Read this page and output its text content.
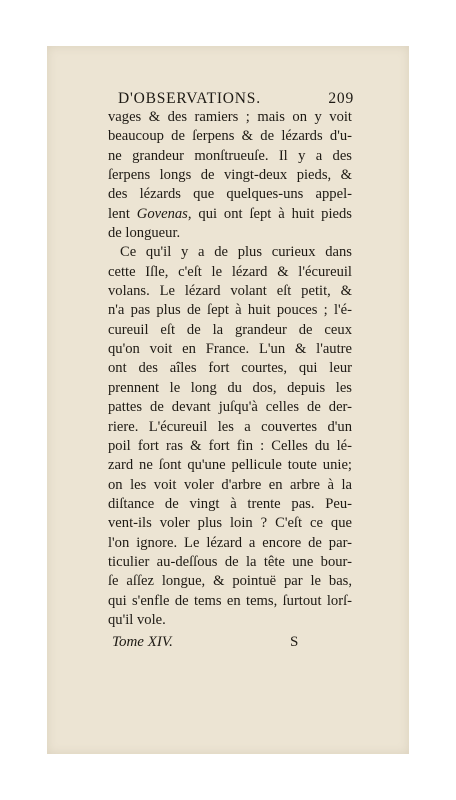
D'OBSERVATIONS.	209
vages & des ramiers ; mais on y voit
beaucoup de ſerpens & de lézards d'u-
ne grandeur monſtrueuſe. Il y a des
ſerpens longs de vingt-deux pieds, &
des lézards que quelques-uns appel-
lent Govenas, qui ont ſept à huit pieds
de longueur.
Ce qu'il y a de plus curieux dans
cette Iſle, c'eſt le lézard & l'écureuil
volans. Le lézard volant eſt petit, &
n'a pas plus de ſept à huit pouces ; l'é-
cureuil eſt de la grandeur de ceux
qu'on voit en France. L'un & l'autre
ont des aîles fort courtes, qui leur
prennent le long du dos, depuis les
pattes de devant juſqu'à celles de der-
riere. L'écureuil les a couvertes d'un
poil fort ras & fort fin : Celles du lé-
zard ne ſont qu'une pellicule toute unie;
on les voit voler d'arbre en arbre à la
diſtance de vingt à trente pas. Peu-
vent-ils voler plus loin ? C'eſt ce que
l'on ignore. Le lézard a encore de par-
ticulier au-deſſous de la tête une bour-
ſe aſſez longue, & pointuë par le bas,
qui s'enfle de tems en tems, ſurtout lorſ-
qu'il vole.
Tome XIV.	S
